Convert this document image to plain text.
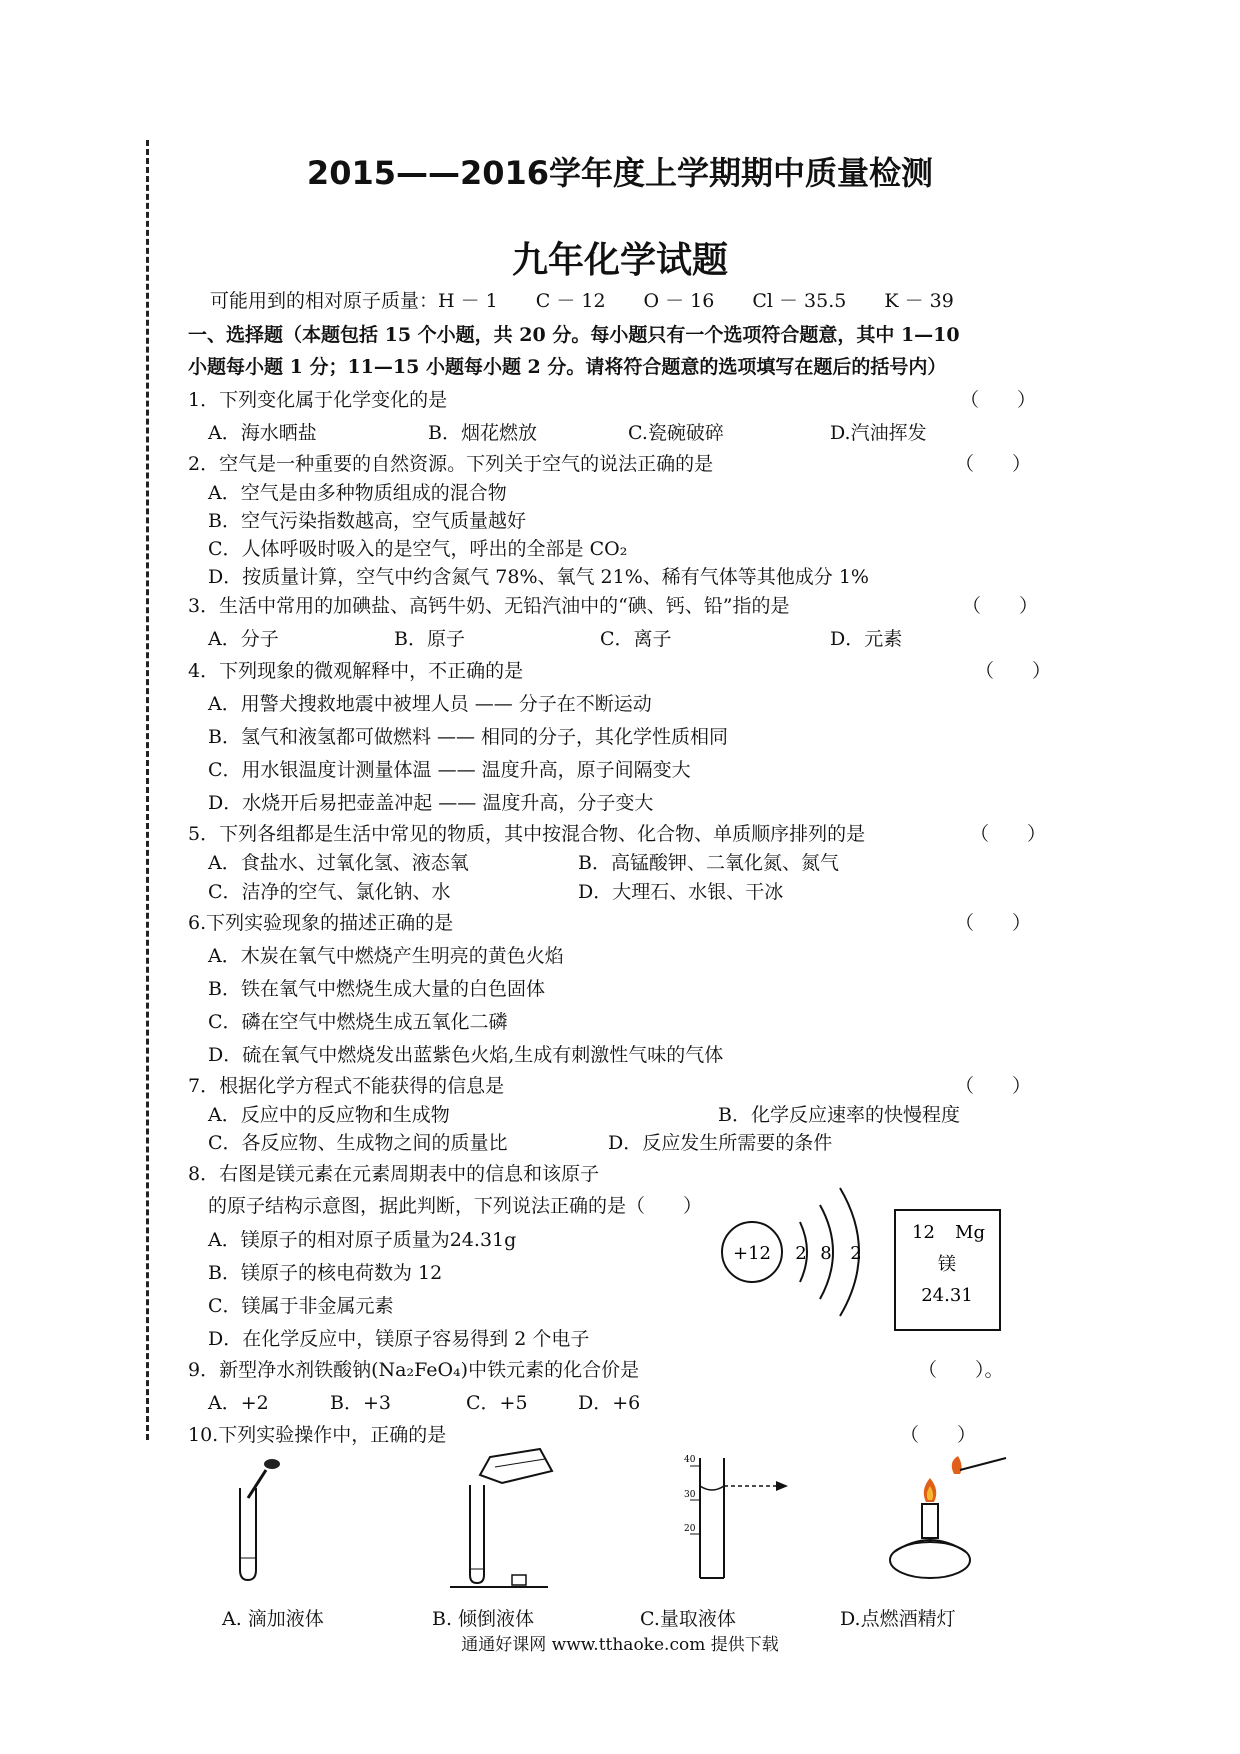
2015——2016学年度上学期期中质量检测
九年化学试题
可能用到的相对原子质量：H － 1　　C － 12　　O － 16　　Cl － 35.5　　K － 39
一、选择题（本题包括 15 个小题，共 20 分。每小题只有一个选项符合题意，其中 1—10
小题每小题 1 分；11—15 小题每小题 2 分。请将符合题意的选项填写在题后的括号内）
1．下列变化属于化学变化的是	（　　）
A．海水晒盐	B．烟花燃放	C.瓷碗破碎	D.汽油挥发
2．空气是一种重要的自然资源。下列关于空气的说法正确的是	（　　）
A．空气是由多种物质组成的混合物
B．空气污染指数越高，空气质量越好
C．人体呼吸时吸入的是空气，呼出的全部是 CO₂
D．按质量计算，空气中约含氮气 78%、氧气 21%、稀有气体等其他成分 1%
3．生活中常用的加碘盐、高钙牛奶、无铅汽油中的“碘、钙、铅”指的是	（　　）
A．分子	B．原子	C．离子	D．元素
4．下列现象的微观解释中，不正确的是	（　　）
A．用警犬搜救地震中被埋人员 —— 分子在不断运动
B．氢气和液氢都可做燃料 —— 相同的分子，其化学性质相同
C．用水银温度计测量体温 —— 温度升高，原子间隔变大
D．水烧开后易把壶盖冲起 —— 温度升高，分子变大
5．下列各组都是生活中常见的物质，其中按混合物、化合物、单质顺序排列的是	（　　）
A．食盐水、过氧化氢、液态氧	B．高锰酸钾、二氧化氮、氮气
C．洁净的空气、氯化钠、水	D．大理石、水银、干冰
6.下列实验现象的描述正确的是	（　　）
A．木炭在氧气中燃烧产生明亮的黄色火焰
B．铁在氧气中燃烧生成大量的白色固体
C．磷在空气中燃烧生成五氧化二磷
D．硫在氧气中燃烧发出蓝紫色火焰,生成有刺激性气味的气体
7．根据化学方程式不能获得的信息是	（　　）
A．反应中的反应物和生成物	B．化学反应速率的快慢程度
C．各反应物、生成物之间的质量比	D．反应发生所需要的条件
8．右图是镁元素在元素周期表中的信息和该原子
的原子结构示意图，据此判断，下列说法正确的是（　　）
A．镁原子的相对原子质量为24.31g
B．镁原子的核电荷数为 12
C．镁属于非金属元素
D．在化学反应中，镁原子容易得到 2 个电子
+12 2 8 2
12 Mg
镁
24.31
9．新型净水剂铁酸钠(Na₂FeO₄)中铁元素的化合价是	（　　）。
A．+2	B．+3	C．+5	D．+6
10.下列实验操作中，正确的是	（　　）
40
30
20
A. 滴加液体	B. 倾倒液体	C.量取液体	D.点燃酒精灯
通通好课网 www.tthaoke.com 提供下载
